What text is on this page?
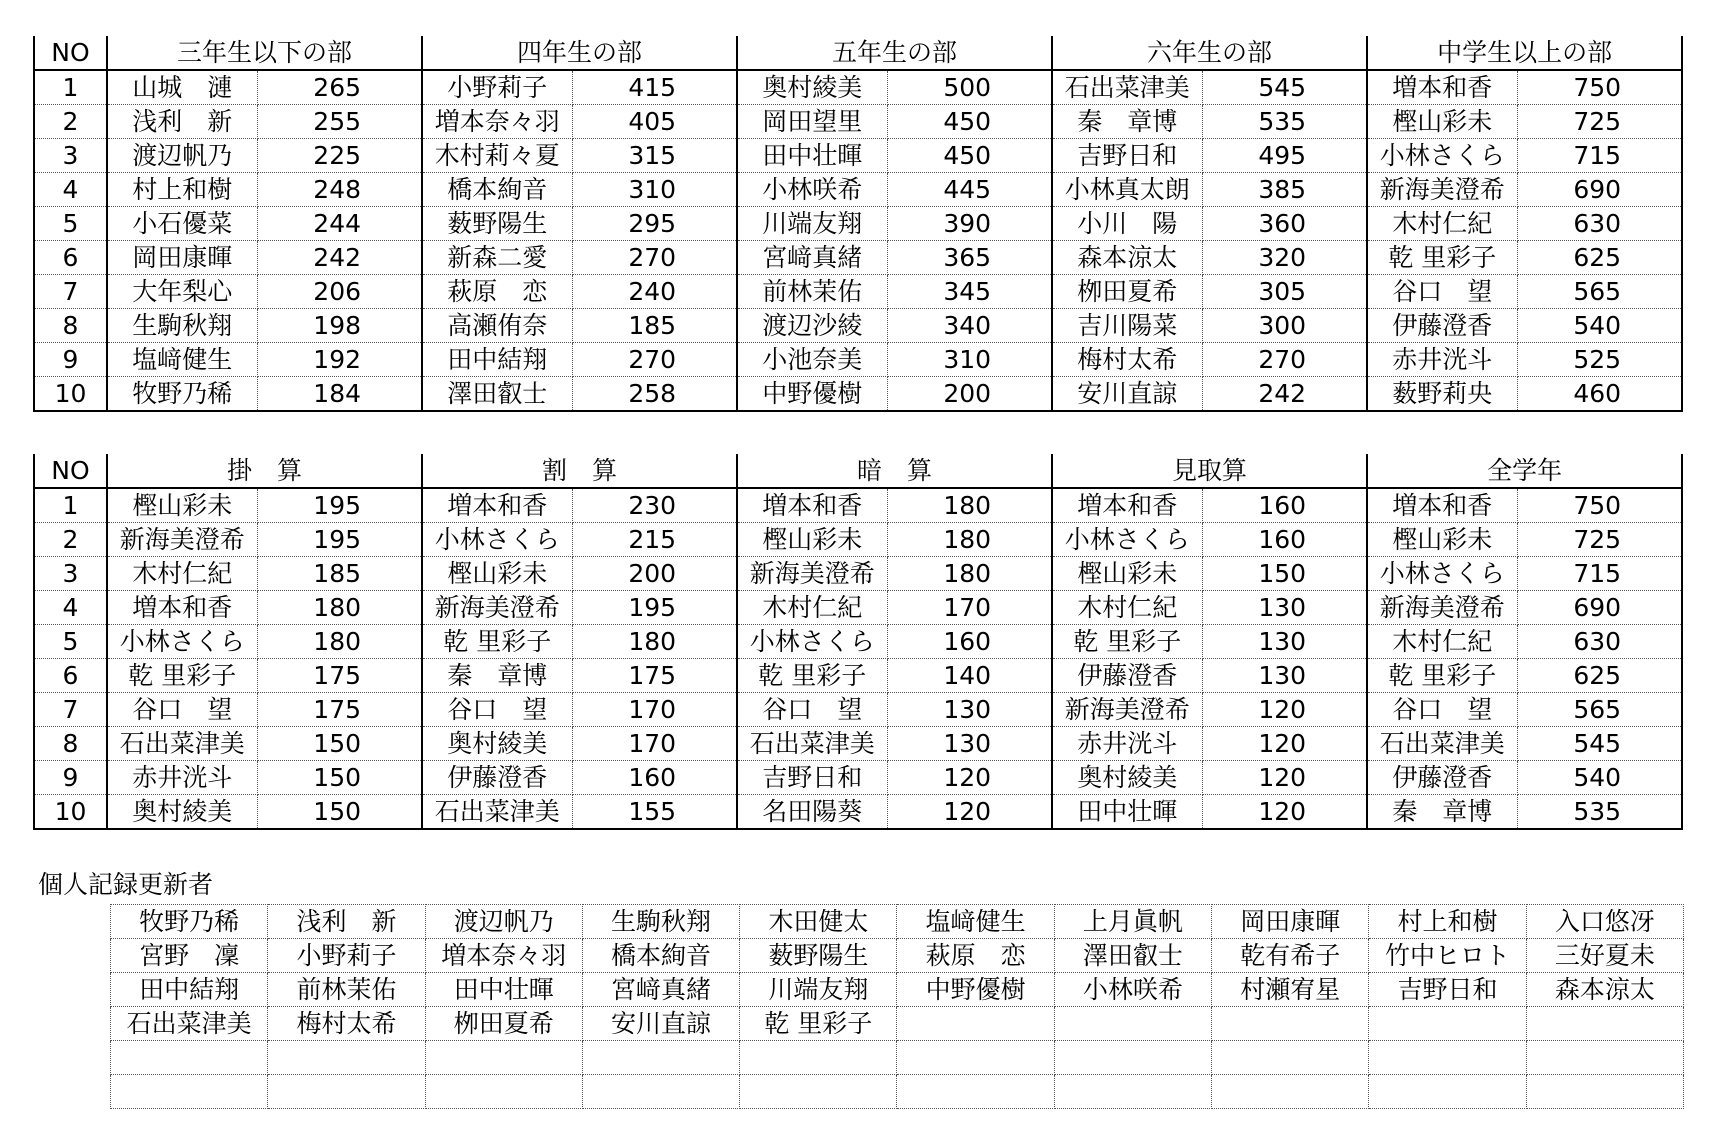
NO	三年生以下の部		四年生の部		五年生の部		六年生の部		中学生以上の部	
1	山城　漣	265	小野莉子	415	奥村綾美	500	石出菜津美	545	増本和香	750
2	浅利　新	255	増本奈々羽	405	岡田望里	450	秦　章博	535	樫山彩未	725
3	渡辺帆乃	225	木村莉々夏	315	田中壮暉	450	吉野日和	495	小林さくら	715
4	村上和樹	248	橋本絢音	310	小林咲希	445	小林真太朗	385	新海美澄希	690
5	小石優菜	244	薮野陽生	295	川端友翔	390	小川　陽	360	木村仁紀	630
6	岡田康暉	242	新森二愛	270	宮﨑真緒	365	森本涼太	320	乾 里彩子	625
7	大年梨心	206	萩原　恋	240	前林茉佑	345	栁田夏希	305	谷口　望	565
8	生駒秋翔	198	高瀬侑奈	185	渡辺沙綾	340	吉川陽菜	300	伊藤澄香	540
9	塩﨑健生	192	田中結翔	270	小池奈美	310	梅村太希	270	赤井洸斗	525
10	牧野乃稀	184	澤田叡士	258	中野優樹	200	安川直諒	242	薮野莉央	460
NO	掛　算		割　算		暗　算		見取算		全学年	
1	樫山彩未	195	増本和香	230	増本和香	180	増本和香	160	増本和香	750
2	新海美澄希	195	小林さくら	215	樫山彩未	180	小林さくら	160	樫山彩未	725
3	木村仁紀	185	樫山彩未	200	新海美澄希	180	樫山彩未	150	小林さくら	715
4	増本和香	180	新海美澄希	195	木村仁紀	170	木村仁紀	130	新海美澄希	690
5	小林さくら	180	乾 里彩子	180	小林さくら	160	乾 里彩子	130	木村仁紀	630
6	乾 里彩子	175	秦　章博	175	乾 里彩子	140	伊藤澄香	130	乾 里彩子	625
7	谷口　望	175	谷口　望	170	谷口　望	130	新海美澄希	120	谷口　望	565
8	石出菜津美	150	奥村綾美	170	石出菜津美	130	赤井洸斗	120	石出菜津美	545
9	赤井洸斗	150	伊藤澄香	160	吉野日和	120	奥村綾美	120	伊藤澄香	540
10	奥村綾美	150	石出菜津美	155	名田陽葵	120	田中壮暉	120	秦　章博	535
個人記録更新者
牧野乃稀	浅利　新	渡辺帆乃	生駒秋翔	木田健太	塩﨑健生	上月眞帆	岡田康暉	村上和樹	入口悠冴
宮野　凜	小野莉子	増本奈々羽	橋本絢音	薮野陽生	萩原　恋	澤田叡士	乾有希子	竹中ヒロト	三好夏未
田中結翔	前林茉佑	田中壮暉	宮﨑真緒	川端友翔	中野優樹	小林咲希	村瀬宥星	吉野日和	森本涼太
石出菜津美	梅村太希	栁田夏希	安川直諒	乾 里彩子					
